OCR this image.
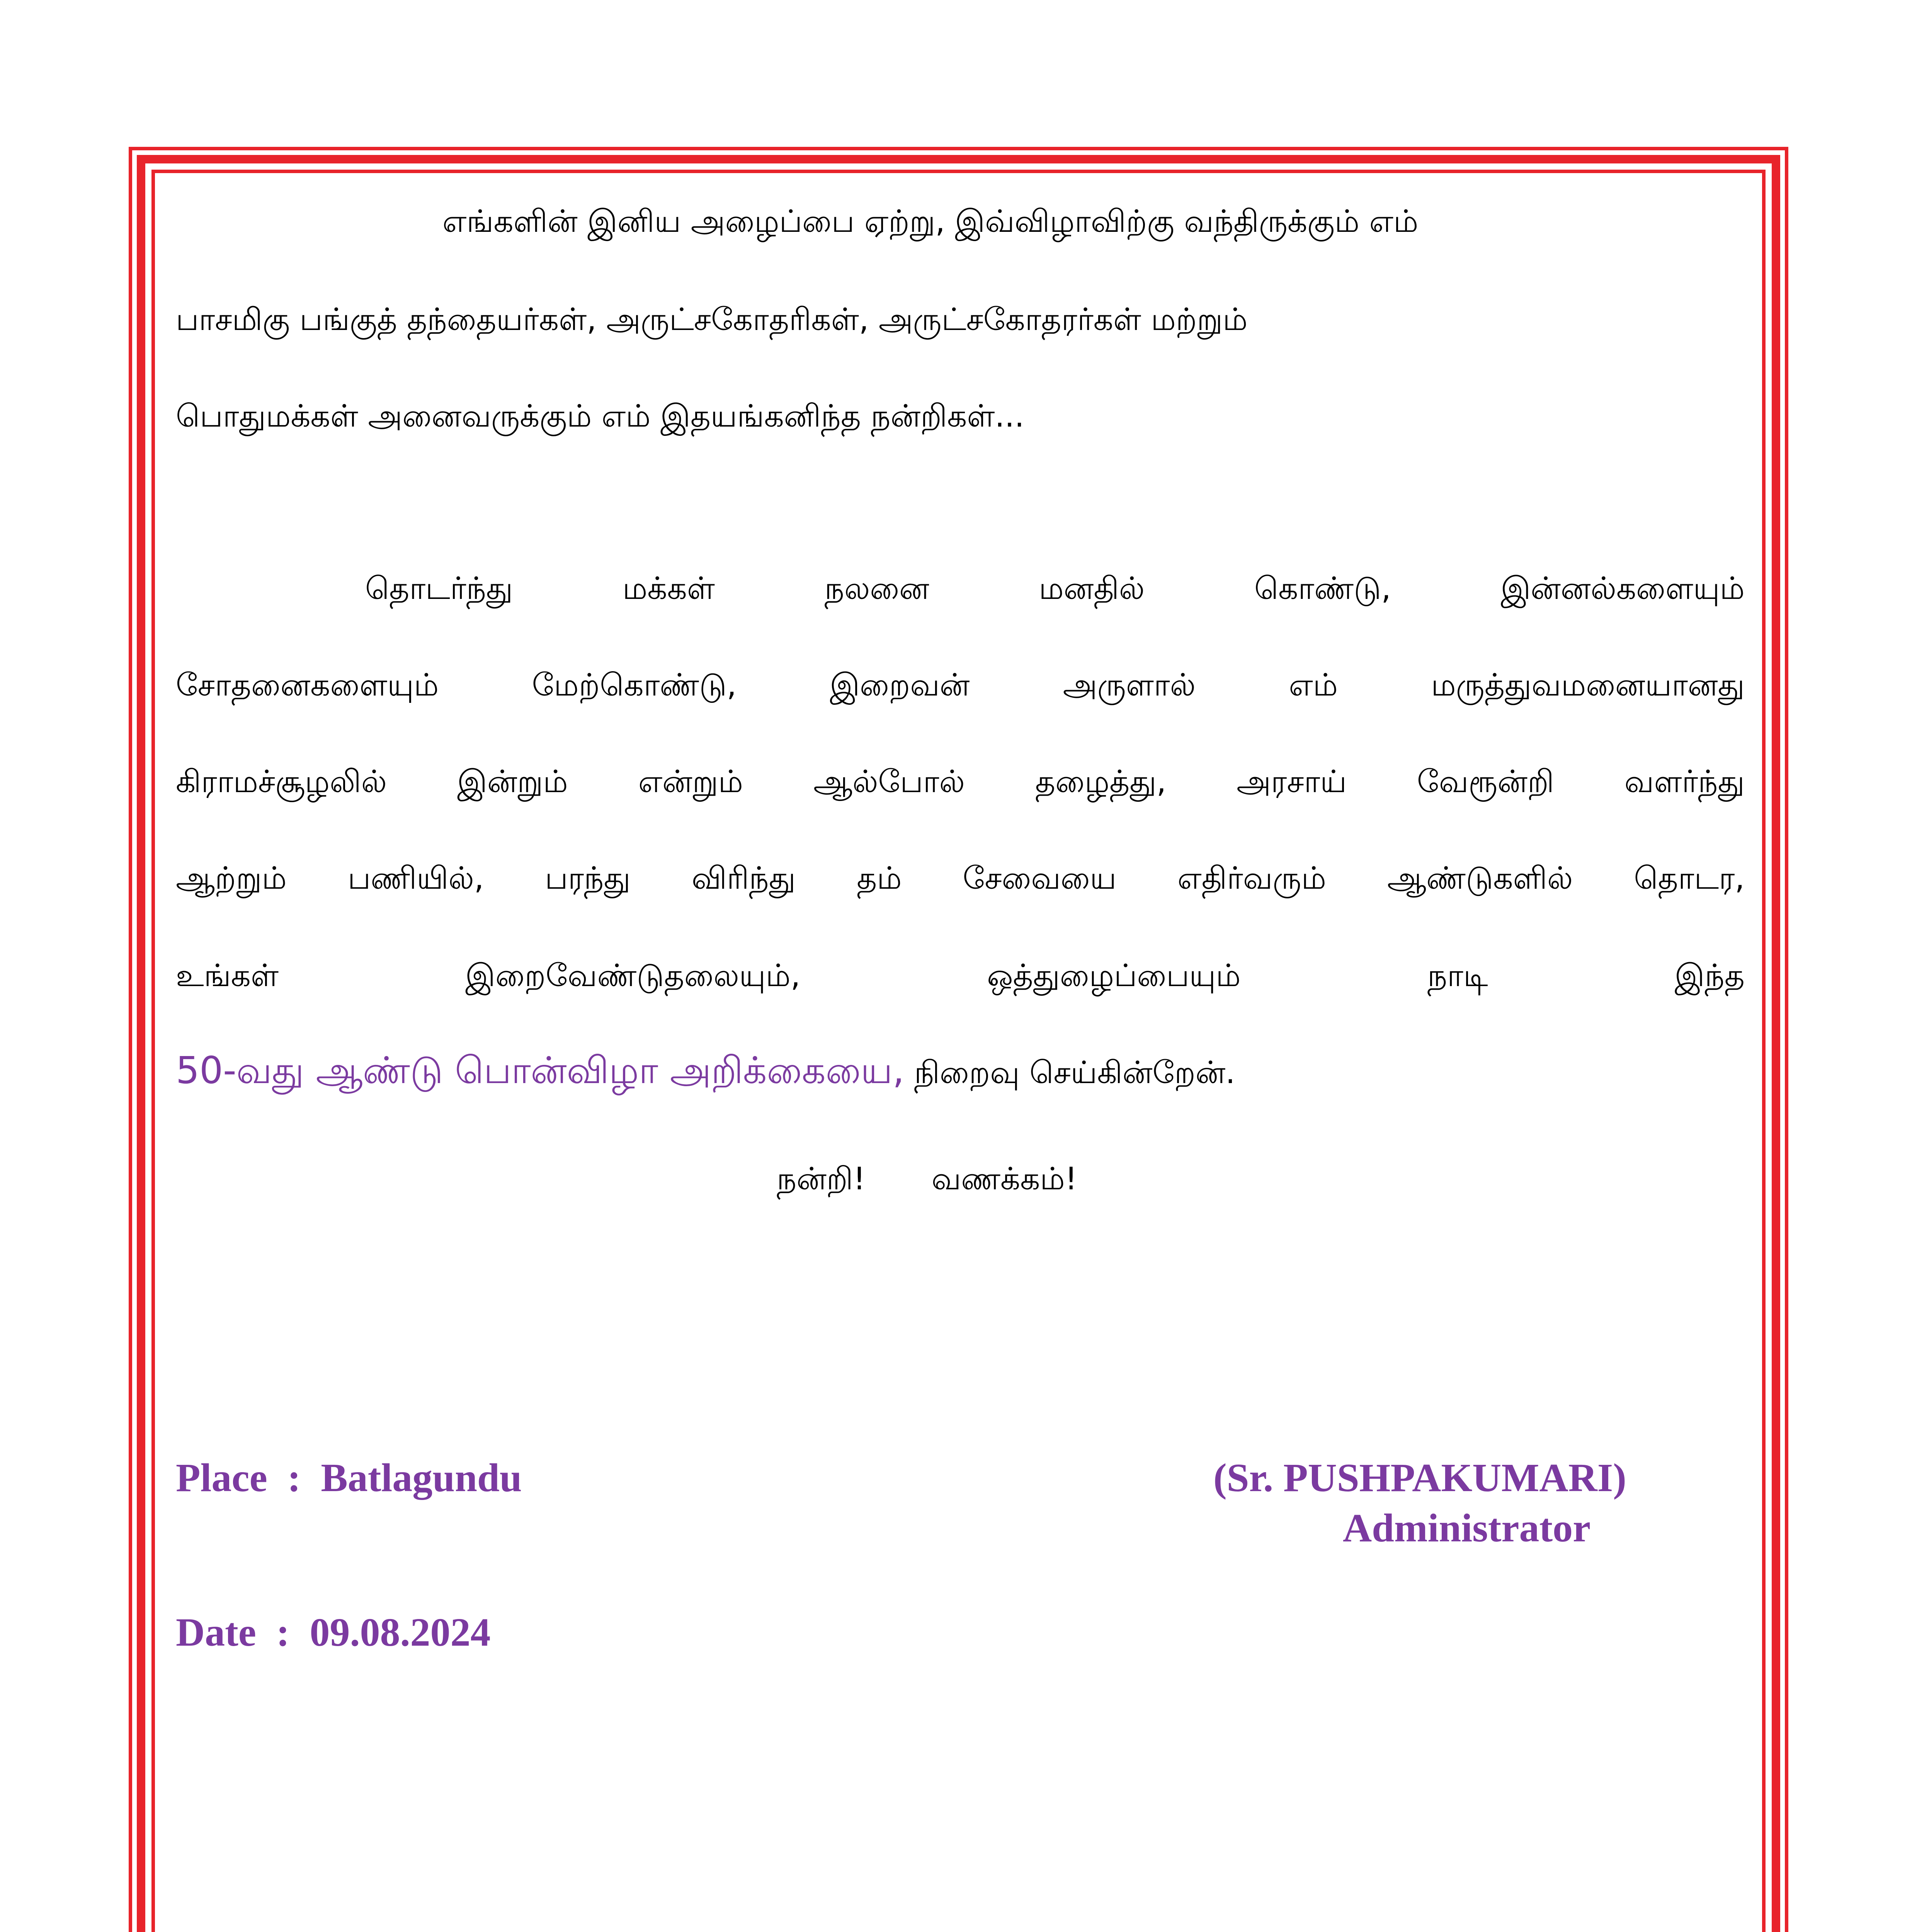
எங்களின் இனிய அழைப்பை ஏற்று, இவ்விழாவிற்கு வந்திருக்கும் எம்
பாசமிகு பங்குத் தந்தையர்கள், அருட்சகோதரிகள், அருட்சகோதரர்கள் மற்றும்
பொதுமக்கள் அனைவருக்கும் எம் இதயங்கனிந்த நன்றிகள்...
தொடர்ந்து	மக்கள்	நலனை	மனதில்	கொண்டு,	இன்னல்களையும்
சோதனைகளையும்	மேற்கொண்டு,	இறைவன்	அருளால்	எம்	மருத்துவமனையானது
கிராமச்சூழலில் இன்றும் என்றும் ஆல்போல் தழைத்து, அரசாய் வேரூன்றி வளர்ந்து
ஆற்றும் பணியில், பரந்து விரிந்து தம் சேவையை எதிர்வரும் ஆண்டுகளில் தொடர,
உங்கள்	இறைவேண்டுதலையும்,	ஒத்துழைப்பையும்	நாடி	இந்த
50-வது ஆண்டு பொன்விழா அறிக்கையை, நிறைவு செய்கின்றேன்.
நன்றி! வணக்கம்!
Place  :  Batlagundu	(Sr. PUSHPAKUMARI)
Administrator
Date  :  09.08.2024
